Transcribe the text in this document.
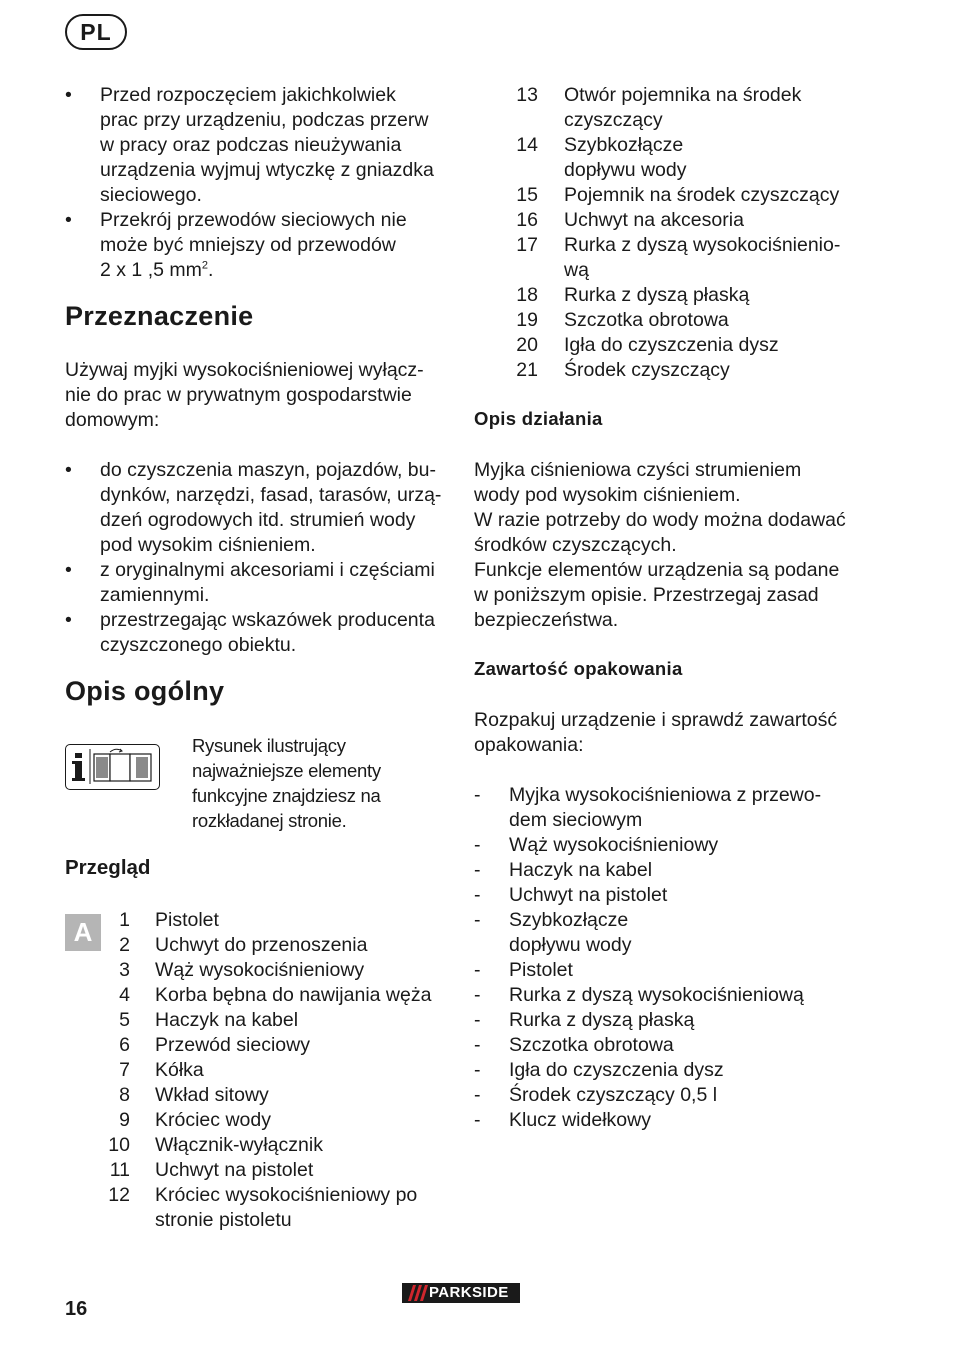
PL
•	Przed rozpoczęciem jakichkolwiek
prac przy urządzeniu, podczas przerw
w pracy oraz podczas nieużywania
urządzenia wyjmuj wtyczkę z gniazdka
sieciowego.
•	Przekrój przewodów sieciowych nie
może być mniejszy od przewodów
2 x 1 ,5 $mm^2$.
Przeznaczenie
Używaj myjki wysokociśnieniowej wyłącz-
nie do prac w prywatnym gospodarstwie
domowym:
•	do czyszczenia maszyn, pojazdów, bu-
dynków, narzędzi, fasad, tarasów, urzą-
dzeń ogrodowych itd. strumień wody
pod wysokim ciśnieniem.
•	z oryginalnymi akcesoriami i częściami
zamiennymi.
•	przestrzegając wskazówek producenta
czyszczonego obiektu.
Opis ogólny
Rysunek ilustrujący
najważniejsze elementy
funkcyjne znajdziesz na
rozkładanej stronie.
Przegląd
A	1 Pistolet
2 Uchwyt do przenoszenia
3 Wąż wysokociśnieniowy
4 Korba bębna do nawijania węża
5 Haczyk na kabel
6 Przewód sieciowy
7 Kółka
8 Wkład sitowy
9 Króciec wody
10 Włącznik-wyłącznik
11 Uchwyt na pistolet
12 Króciec wysokociśnieniowy po
stronie pistoletu
13 Otwór pojemnika na środek
czyszczący
14 Szybkozłącze
dopływu wody
15 Pojemnik na środek czyszczący
16 Uchwyt na akcesoria
17 Rurka z dyszą wysokociśnienio-
wą
18 Rurka z dyszą płaską
19 Szczotka obrotowa
20 Igła do czyszczenia dysz
21 Środek czyszczący
Opis działania
Myjka ciśnieniowa czyści strumieniem
wody pod wysokim ciśnieniem.
W razie potrzeby do wody można dodawać
środków czyszczących.
Funkcje elementów urządzenia są podane
w poniższym opisie. Przestrzegaj zasad
bezpieczeństwa.
Zawartość opakowania
Rozpakuj urządzenie i sprawdź zawartość
opakowania:
-	Myjka wysokociśnieniowa z przewo-
dem sieciowym
-	Wąż wysokociśnieniowy
-	Haczyk na kabel
-	Uchwyt na pistolet
-	Szybkozłącze
dopływu wody
-	Pistolet
-	Rurka z dyszą wysokociśnieniową
-	Rurka z dyszą płaską
-	Szczotka obrotowa
-	Igła do czyszczenia dysz
-	Środek czyszczący 0,5 l
-	Klucz widełkowy
PARKSIDE
16
